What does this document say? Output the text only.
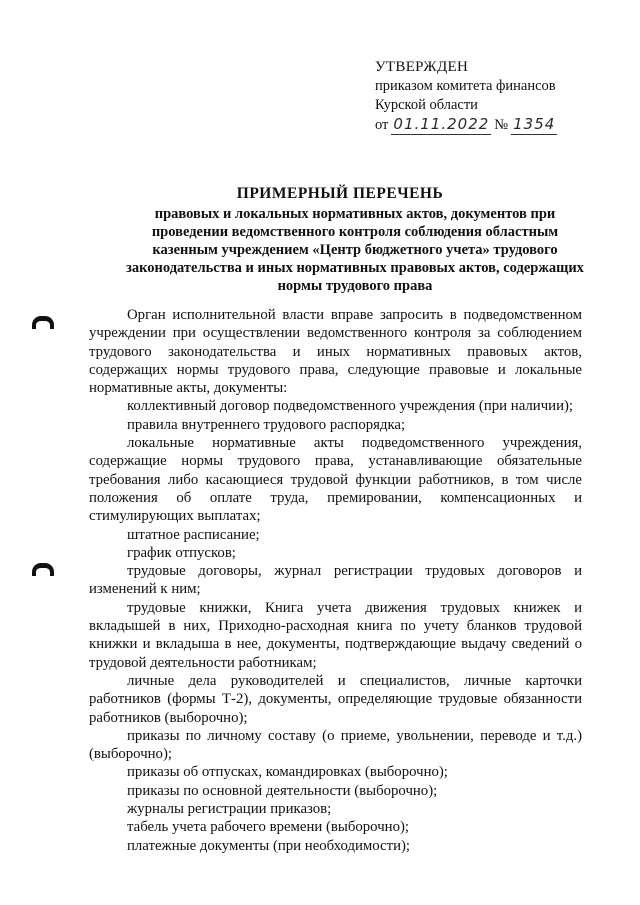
УТВЕРЖДЕН
приказом комитета финансов
Курской области
от 01.11.2022 № 1354
ПРИМЕРНЫЙ ПЕРЕЧЕНЬ
правовых и локальных нормативных актов, документов при проведении ведомственного контроля соблюдения областным казенным учреждением «Центр бюджетного учета» трудового законодательства и иных нормативных правовых актов, содержащих нормы трудового права

Орган исполнительной власти вправе запросить в подведомственном учреждении при осуществлении ведомственного контроля за соблюдением трудового законодательства и иных нормативных правовых актов, содержащих нормы трудового права, следующие правовые и локальные нормативные акты, документы:

коллективный договор подведомственного учреждения (при наличии);

правила внутреннего трудового распорядка;

локальные нормативные акты подведомственного учреждения, содержащие нормы трудового права, устанавливающие обязательные требования либо касающиеся трудовой функции работников, в том числе положения об оплате труда, премировании, компенсационных и стимулирующих выплатах;

штатное расписание;

график отпусков;

трудовые договоры, журнал регистрации трудовых договоров и изменений к ним;

трудовые книжки, Книга учета движения трудовых книжек и вкладышей в них, Приходно-расходная книга по учету бланков трудовой книжки и вкладыша в нее, документы, подтверждающие выдачу сведений о трудовой деятельности работникам;

личные дела руководителей и специалистов, личные карточки работников (формы Т-2), документы, определяющие трудовые обязанности работников (выборочно);

приказы по личному составу (о приеме, увольнении, переводе и т.д.) (выборочно);

приказы об отпусках, командировках (выборочно);

приказы по основной деятельности (выборочно);

журналы регистрации приказов;

табель учета рабочего времени (выборочно);

платежные документы (при необходимости);
